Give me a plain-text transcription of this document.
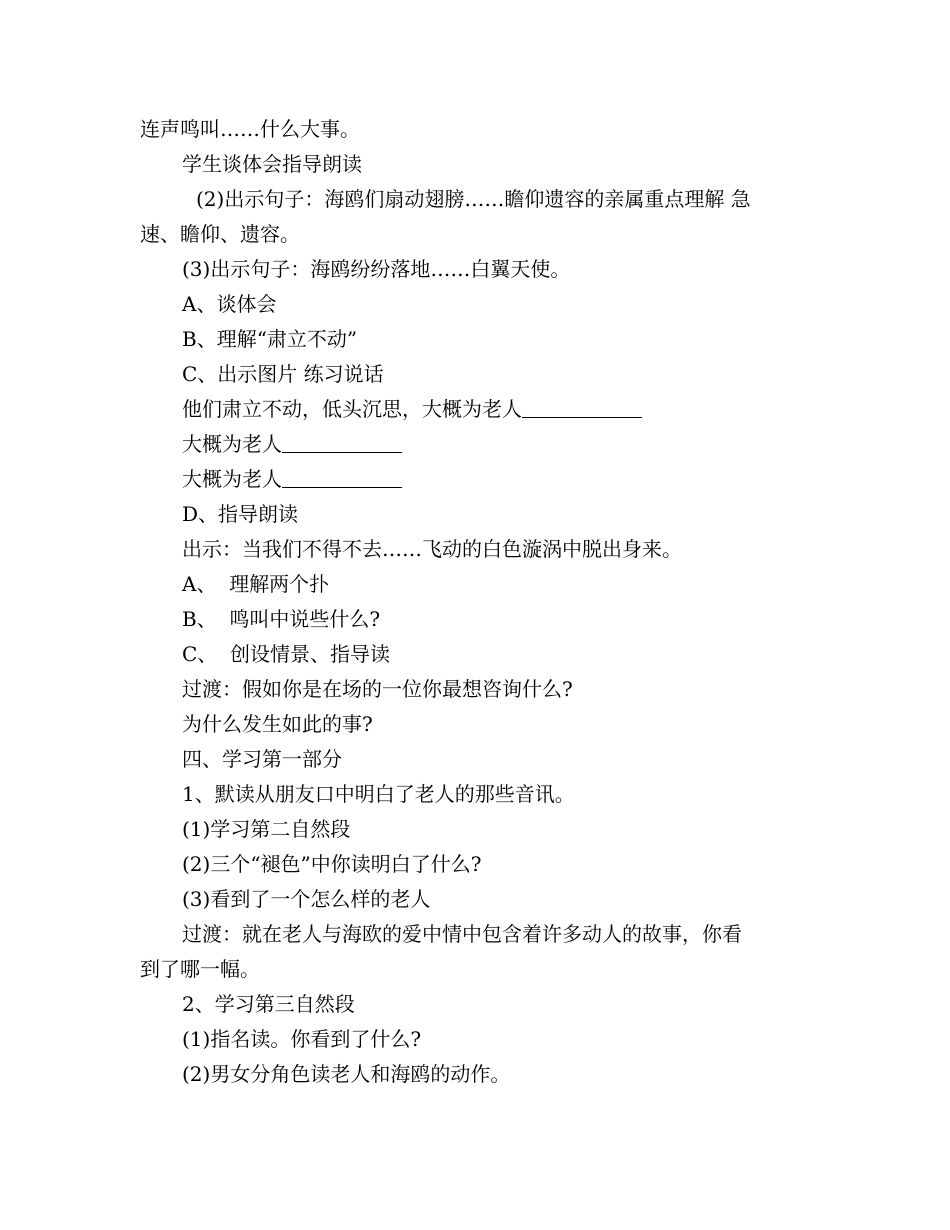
连声鸣叫……什么大事。
学生谈体会指导朗读
(2)出示句子：海鸥们扇动翅膀……瞻仰遗容的亲属重点理解 急
速、瞻仰、遗容。
(3)出示句子：海鸥纷纷落地……白翼天使。
A、谈体会
B、理解“肃立不动”
C、出示图片 练习说话
他们肃立不动，低头沉思，大概为老人
大概为老人
大概为老人
D、指导朗读
出示：当我们不得不去……飞动的白色漩涡中脱出身来。
A、  理解两个扑
B、  鸣叫中说些什么?
C、  创设情景、指导读
过渡：假如你是在场的一位你最想咨询什么?
为什么发生如此的事?
四、学习第一部分
1、默读从朋友口中明白了老人的那些音讯。
(1)学习第二自然段
(2)三个“褪色”中你读明白了什么?
(3)看到了一个怎么样的老人
过渡：就在老人与海欧的爱中情中包含着许多动人的故事，你看
到了哪一幅。
2、学习第三自然段
(1)指名读。你看到了什么?
(2)男女分角色读老人和海鸥的动作。
